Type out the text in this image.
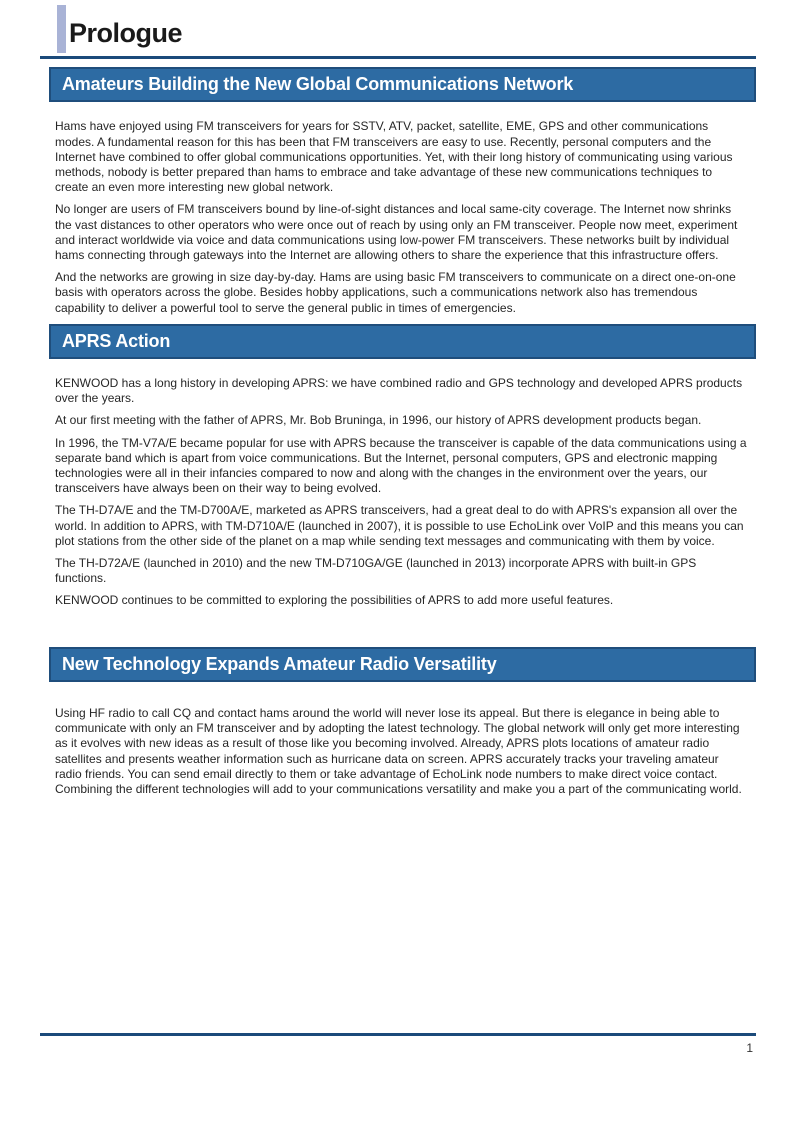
Prologue
Amateurs Building the New Global Communications Network

Hams have enjoyed using FM transceivers for years for SSTV, ATV, packet, satellite, EME, GPS and other communications modes. A fundamental reason for this has been that FM transceivers are easy to use. Recently, personal computers and the Internet have combined to offer global communications opportunities. Yet, with their long history of communicating using various methods, nobody is better prepared than hams to embrace and take advantage of these new communications techniques to create an even more interesting new global network.

No longer are users of FM transceivers bound by line-of-sight distances and local same-city coverage. The Internet now shrinks the vast distances to other operators who were once out of reach by using only an FM transceiver. People now meet, experiment and interact worldwide via voice and data communications using low-power FM transceivers. These networks built by individual hams connecting through gateways into the Internet are allowing others to share the experience that this infrastructure offers.

And the networks are growing in size day-by-day. Hams are using basic FM transceivers to communicate on a direct one-on-one basis with operators across the globe. Besides hobby applications, such a communications network also has tremendous capability to deliver a powerful tool to serve the general public in times of emergencies.

APRS Action

KENWOOD has a long history in developing APRS: we have combined radio and GPS technology and developed APRS products over the years.

At our first meeting with the father of APRS, Mr. Bob Bruninga, in 1996, our history of APRS development products began.

In 1996, the TM-V7A/E became popular for use with APRS because the transceiver is capable of the data communications using a separate band which is apart from voice communications. But the Internet, personal computers, GPS and electronic mapping technologies were all in their infancies compared to now and along with the changes in the environment over the years, our transceivers have always been on their way to being evolved.

The TH-D7A/E and the TM-D700A/E, marketed as APRS transceivers, had a great deal to do with APRS's expansion all over the world. In addition to APRS, with TM-D710A/E (launched in 2007), it is possible to use EchoLink over VoIP and this means you can plot stations from the other side of the planet on a map while sending text messages and communicating with them by voice.

The TH-D72A/E (launched in 2010) and the new TM-D710GA/GE (launched in 2013) incorporate APRS with built-in GPS functions.

KENWOOD continues to be committed to exploring the possibilities of APRS to add more useful features.

New Technology Expands Amateur Radio Versatility

Using HF radio to call CQ and contact hams around the world will never lose its appeal. But there is elegance in being able to communicate with only an FM transceiver and by adopting the latest technology. The global network will only get more interesting as it evolves with new ideas as a result of those like you becoming involved. Already, APRS plots locations of amateur radio satellites and presents weather information such as hurricane data on screen. APRS accurately tracks your traveling amateur radio friends. You can send email directly to them or take advantage of EchoLink node numbers to make direct voice contact. Combining the different technologies will add to your communications versatility and make you a part of the communicating world.

1
